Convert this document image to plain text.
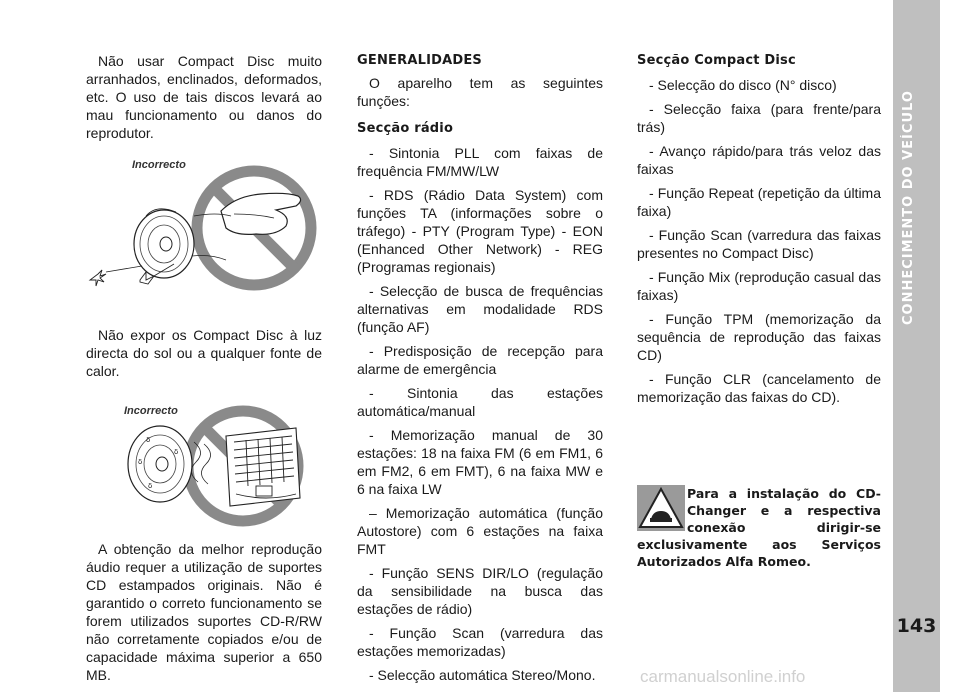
Não usar Compact Disc muito arranhados, enclinados, deformados, etc. O uso de tais discos levará ao mau funcionamento ou danos do reprodutor.

Incorrecto

Não expor os Compact Disc à luz directa do sol ou a qualquer fonte de calor.

Incorrecto
δ
δ
δ
δ

A obtenção da melhor reprodução áudio requer a utilização de suportes CD estampados originais. Não é garantido o correto funcionamento se forem utilizados suportes CD-R/RW não corretamente copiados e/ou de capacidade máxima superior a 650 MB.

GENERALIDADES

O aparelho tem as seguintes funções:

Secção rádio

- Sintonia PLL com faixas de frequência FM/MW/LW

- RDS (Rádio Data System) com funções TA (informações sobre o tráfego) - PTY (Program Type) - EON (Enhanced Other Network) - REG (Programas regionais)

- Selecção de busca de frequências alternativas em modalidade RDS (função AF)

- Predisposição de recepção para alarme de emergência

- Sintonia das estações automática/manual

- Memorização manual de 30 estações: 18 na faixa FM (6 em FM1, 6 em FM2, 6 em FMT), 6 na faixa MW e 6 na faixa LW

– Memorização automática (função Autostore) com 6 estações na faixa FMT

- Função SENS DIR/LO (regulação da sensibilidade na busca das estações de rádio)

- Função Scan (varredura das estações memorizadas)

- Selecção automática Stereo/Mono.

Secção Compact Disc

- Selecção do disco (N° disco)

- Selecção faixa (para frente/para trás)

- Avanço rápido/para trás veloz das faixas

- Função Repeat (repetição da última faixa)

- Função Scan (varredura das faixas presentes no Compact Disc)

- Função Mix (reprodução casual das faixas)

- Função TPM (memorização da sequência de reprodução das faixas CD)

- Função CLR (cancelamento de memorização das faixas do CD).

Para a instalação do CD-Changer e a respectiva conexão dirigir-se exclusivamente aos Serviços Autorizados Alfa Romeo.

CONHECIMENTO DO VEÍCULO
143
carmanualsonline.info
